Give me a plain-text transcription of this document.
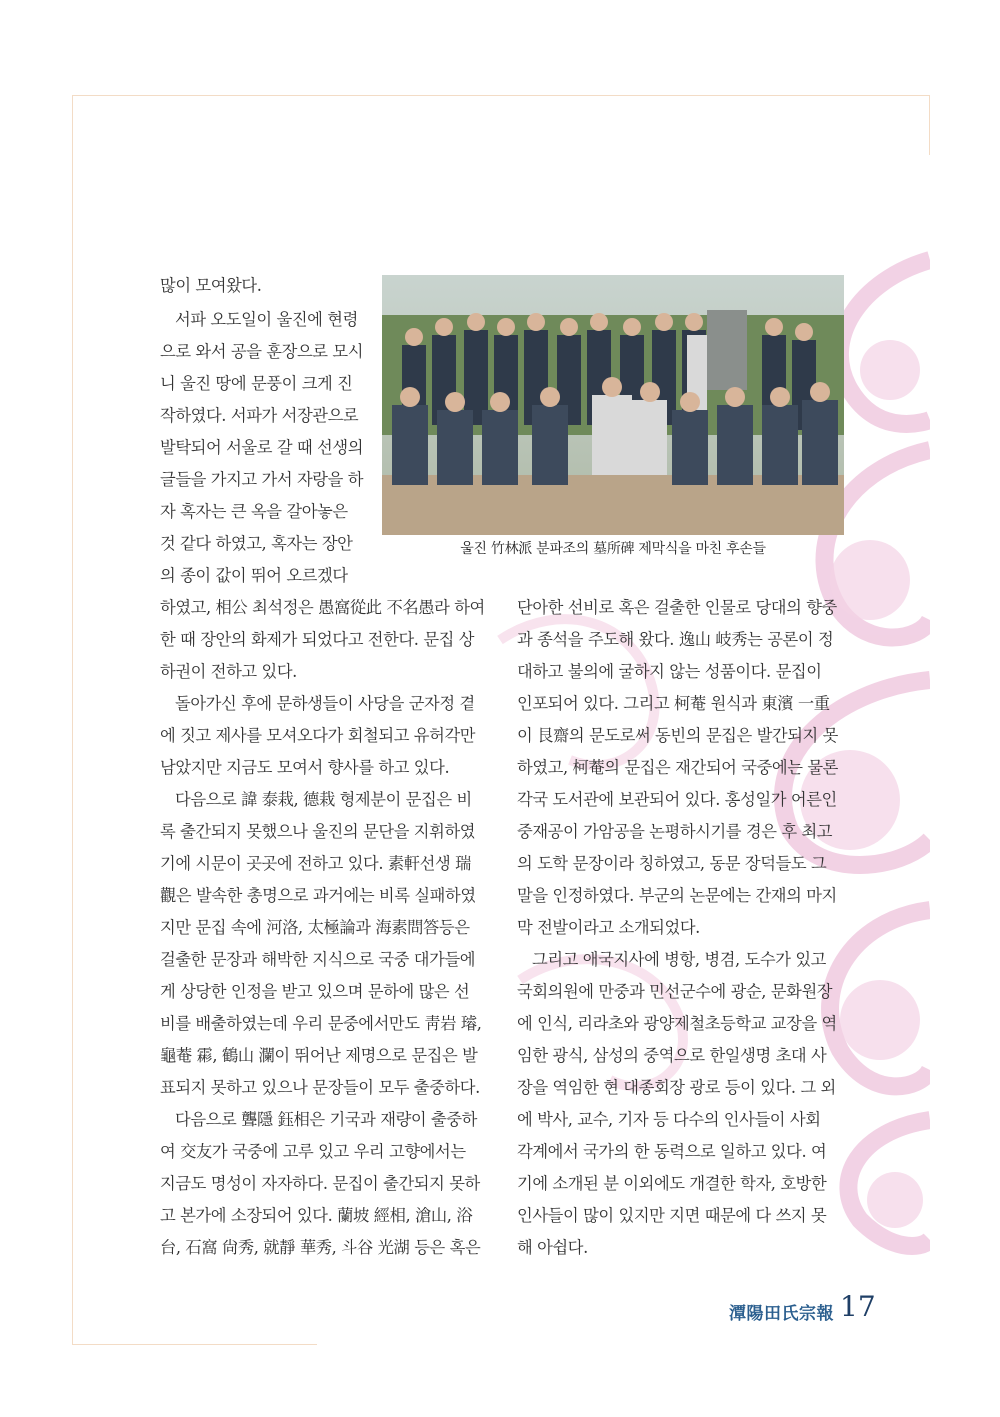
울진 竹林派 분파조의 墓所碑 제막식을 마친 후손들
많이 모여왔다.
서파 오도일이 울진에 현령
으로 와서 공을 훈장으로 모시
니 울진 땅에 문풍이 크게 진
작하였다. 서파가 서장관으로
발탁되어 서울로 갈 때 선생의
글들을 가지고 가서 자랑을 하
자 혹자는 큰 옥을 갈아놓은
것 같다 하였고, 혹자는 장안
의 종이 값이 뛰어 오르겠다
하였고, 相公 최석정은 愚窩從此 不名愚라 하여
한 때 장안의 화제가 되었다고 전한다. 문집 상
하권이 전하고 있다.
돌아가신 후에 문하생들이 사당을 군자정 곁
에 짓고 제사를 모셔오다가 회철되고 유허각만
남았지만 지금도 모여서 향사를 하고 있다.
다음으로 諱 泰栽, 德栽 형제분이 문집은 비
록 출간되지 못했으나 울진의 문단을 지휘하였
기에 시문이 곳곳에 전하고 있다. 素軒선생 瑞
觀은 발속한 총명으로 과거에는 비록 실패하였
지만 문집 속에 河洛, 太極論과 海素問答등은
걸출한 문장과 해박한 지식으로 국중 대가들에
게 상당한 인정을 받고 있으며 문하에 많은 선
비를 배출하였는데 우리 문중에서만도 靑岩 璿,
龜菴 霦, 鶴山 瀾이 뛰어난 제명으로 문집은 발
표되지 못하고 있으나 문장들이 모두 출중하다.
다음으로 聾隱 鈺相은 기국과 재량이 출중하
여 交友가 국중에 고루 있고 우리 고향에서는
지금도 명성이 자자하다. 문집이 출간되지 못하
고 본가에 소장되어 있다. 蘭坡 經相, 滄山, 浴
台, 石窩 尙秀, 就靜 華秀, 斗谷 光湖 등은 혹은
단아한 선비로 혹은 걸출한 인물로 당대의 향중
과 종석을 주도해 왔다. 逸山 岐秀는 공론이 정
대하고 불의에 굴하지 않는 성품이다. 문집이
인포되어 있다. 그리고 柯菴 원식과 東濱 一重
이 艮齋의 문도로써 동빈의 문집은 발간되지 못
하였고, 柯菴의 문집은 재간되어 국중에는 물론
각국 도서관에 보관되어 있다. 홍성일가 어른인
중재공이 가암공을 논평하시기를 경은 후 최고
의 도학 문장이라 칭하였고, 동문 장덕들도 그
말을 인정하였다. 부군의 논문에는 간재의 마지
막 전발이라고 소개되었다.
그리고 애국지사에 병항, 병겸, 도수가 있고
국회의원에 만중과 민선군수에 광순, 문화원장
에 인식, 리라초와 광양제철초등학교 교장을 역
임한 광식, 삼성의 중역으로 한일생명 초대 사
장을 역임한 현 대종회장 광로 등이 있다. 그 외
에 박사, 교수, 기자 등 다수의 인사들이 사회
각계에서 국가의 한 동력으로 일하고 있다. 여
기에 소개된 분 이외에도 개결한 학자, 호방한
인사들이 많이 있지만 지면 때문에 다 쓰지 못
해 아쉽다.
潭陽田氏宗報 17
